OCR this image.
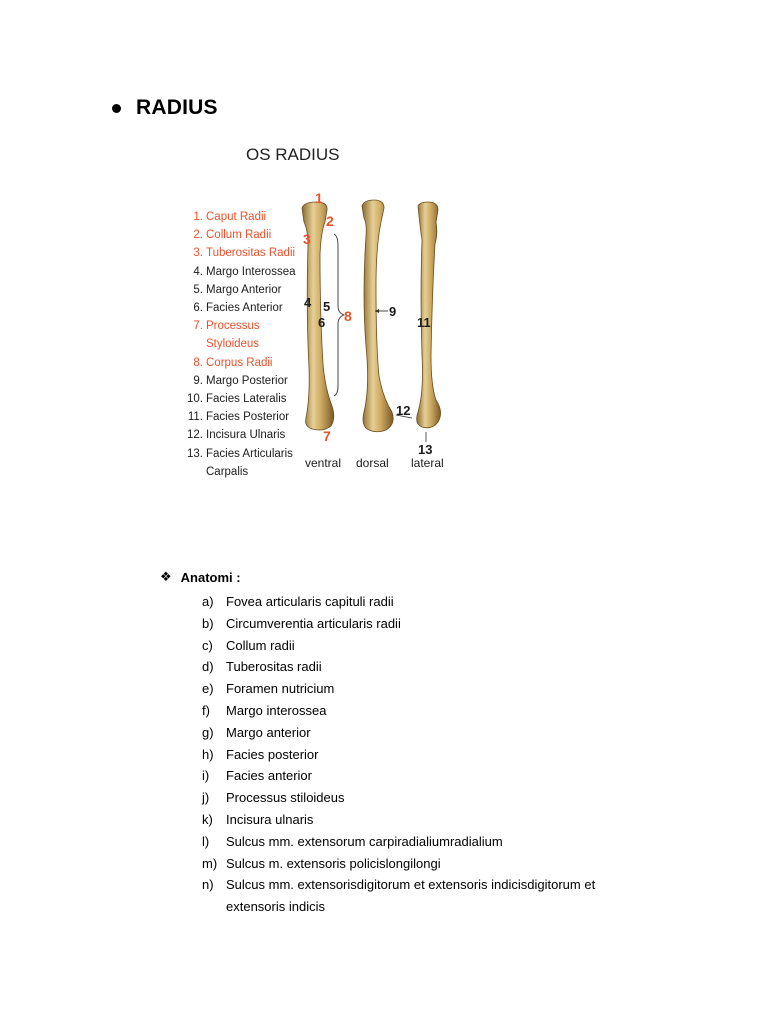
RADIUS
OS RADIUS
1. Caput Radii
2. Collum Radii
3. Tuberositas Radii
4. Margo Interossea
5. Margo Anterior
6. Facies Anterior
7. Processus Styloideus
8. Corpus Radii
9. Margo Posterior
10. Facies Lateralis
11. Facies Posterior
12. Incisura Ulnaris
13. Facies Articularis Carpalis
1
2
3
4 5
6
7
8	9
11
12
13
ventral dorsal lateral
❖ Anatomi :
a) Fovea articularis capituli radii
b) Circumverentia articularis radii
c)	Collum radii
d) Tuberositas radii
e) Foramen nutricium
f)	Margo interossea
g) Margo anterior
h) Facies posterior
i)	Facies anterior
j)	Processus stiloideus
k)	Incisura ulnaris
l)	Sulcus mm. extensorum carpiradialiumradialium
m) Sulcus m. extensoris policislongilongi
n) Sulcus mm. extensorisdigitorum et extensoris indicisdigitorum et extensoris indicis
